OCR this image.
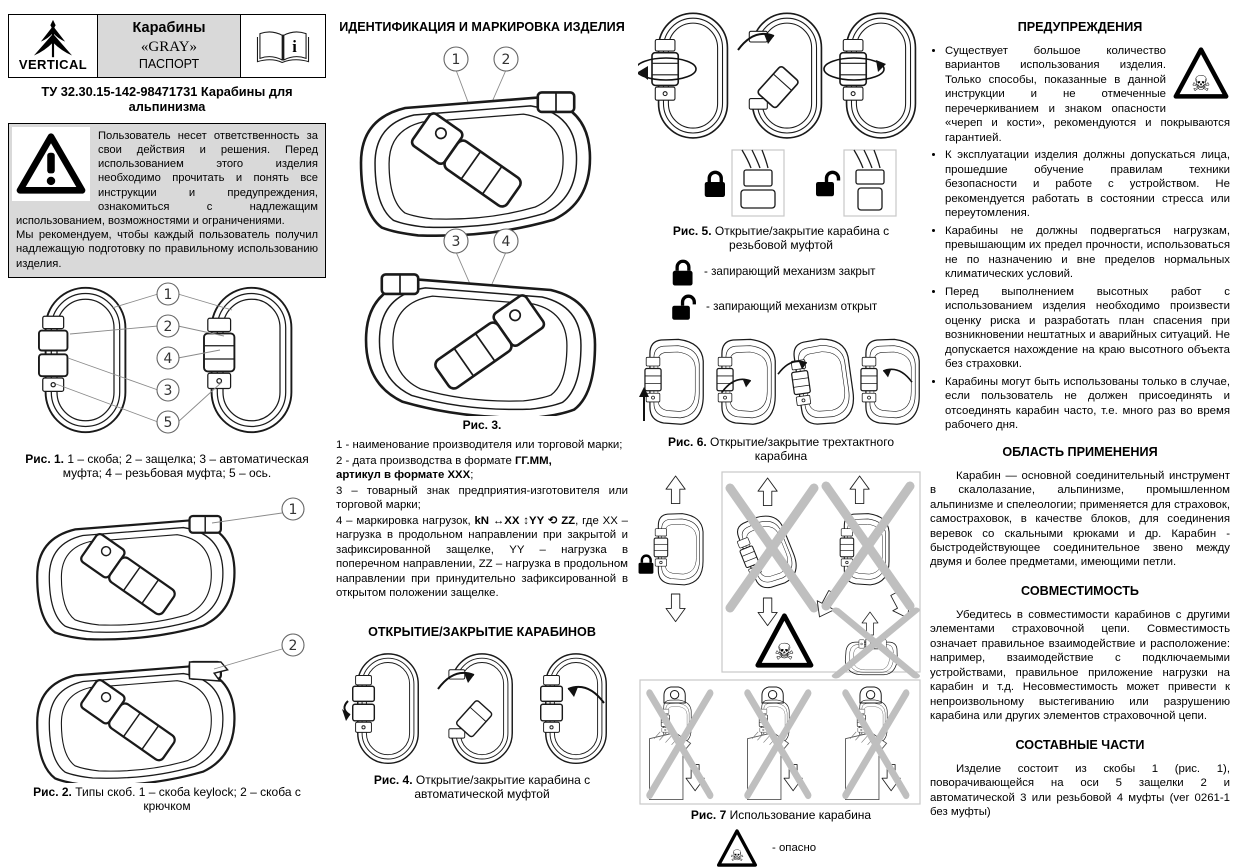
VERTICAL
Карабины
«GRAY»
ПАСПОРТ
i
ТУ 32.30.15-142-98471731 Карабины для альпинизма
Пользователь несет ответственность за свои действия и решения. Перед использованием этого изделия необходимо прочитать и понять все инструкции и предупреждения, ознакомиться с надлежащим использованием, возможностями и ограничениями.
Мы рекомендуем, чтобы каждый пользователь получил надлежащую подготовку по правильному использованию изделия.
1
2
4
3
5
Рис. 1. 1 – скоба; 2 – защелка; 3 – автоматическая муфта; 4 – резьбовая муфта; 5 – ось.
1
2
Рис. 2. Типы скоб. 1 – скоба keylock; 2 – скоба с крючком
ИДЕНТИФИКАЦИЯ И МАРКИРОВКА ИЗДЕЛИЯ
1	2
3	4
Рис. 3.

1 - наименование производителя или торговой марки;

2 - дата производства в формате ГГ.ММ,
артикул в формате XXX;

3 – товарный знак предприятия-изготовителя или торговой марки;

4 – маркировка нагрузок, kN ↔XX ↕YY ⟲ ZZ, где XX – нагрузка в продольном направлении при закрытой и зафиксированной защелке, YY – нагрузка в поперечном направлении, ZZ – нагрузка в продольном направлении при принудительно зафиксированной в открытом положении защелке.

ОТКРЫТИЕ/ЗАКРЫТИЕ КАРАБИНОВ
Рис. 4. Открытие/закрытие карабина с автоматической муфтой
Рис. 5. Открытие/закрытие карабина с резьбовой муфтой
- запирающий механизм закрыт
- запирающий механизм открыт
Рис. 6. Открытие/закрытие трехтактного карабина
Рис. 7 Использование карабина
- опасно
ПРЕДУПРЕЖДЕНИЯ
• Существует большое количество вариантов использования изделия. Только способы, показанные в данной инструкции и не отмеченные перечеркиванием и знаком опасности «череп и кости», рекомендуются и покрываются гарантией.
• К эксплуатации изделия должны допускаться лица, прошедшие обучение правилам техники безопасности и работе с устройством. Не рекомендуется работать в состоянии стресса или переутомления.
• Карабины не должны подвергаться нагрузкам, превышающим их предел прочности, использоваться не по назначению и вне пределов нормальных климатических условий.
• Перед выполнением высотных работ с использованием изделия необходимо произвести оценку риска и разработать план спасения при возникновении нештатных и аварийных ситуаций. Не допускается нахождение на краю высотного объекта без страховки.
• Карабины могут быть использованы только в случае, если пользователь не должен присоединять и отсоединять карабин часто, т.е. много раз во время рабочего дня.
ОБЛАСТЬ ПРИМЕНЕНИЯ

Карабин — основной соединительный инструмент в скалолазание, альпинизме, промышленном альпинизме и спелеологии; применяется для страховок, самостраховок, в качестве блоков, для соединения веревок со скальными крюками и др. Карабин - быстродействующее соединительное звено между двумя и более предметами, имеющими петли.

СОВМЕСТИМОСТЬ

Убедитесь в совместимости карабинов с другими элементами страховочной цепи. Совместимость означает правильное взаимодействие и расположение: например, взаимодействие с подключаемыми устройствами, правильное приложение нагрузки на карабин и т.д. Несовместимость может привести к непроизвольному выстегиванию или разрушению карабина или других элементов страховочной цепи.

СОСТАВНЫЕ ЧАСТИ

Изделие состоит из скобы 1 (рис. 1), поворачивающейся на оси 5 защелки 2 и автоматической 3 или резьбовой 4 муфты (ver 0261-1 без муфты)
